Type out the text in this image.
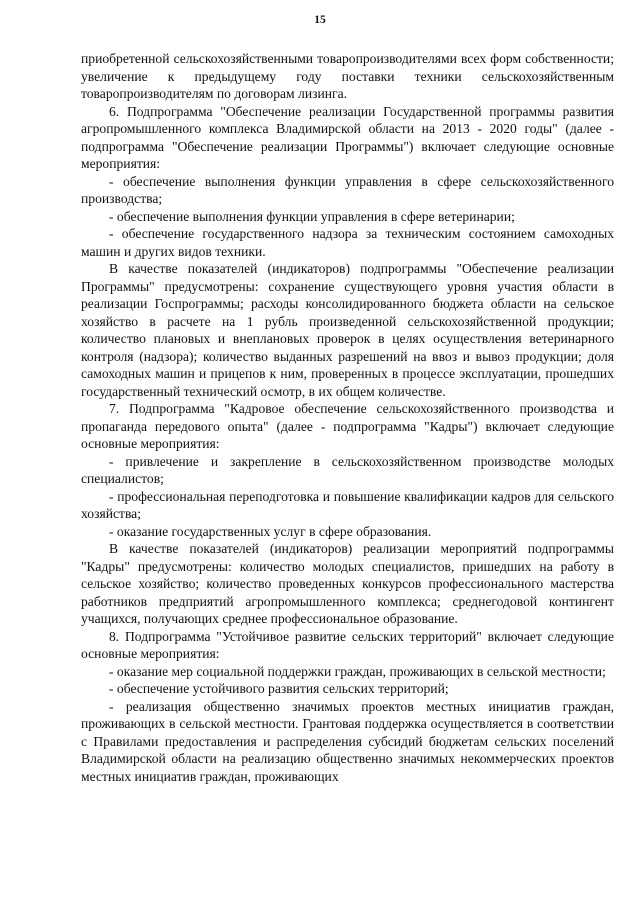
15

приобретенной сельскохозяйственными товаропроизводителями всех форм собственности; увеличение к предыдущему году поставки техники сельскохозяйственным товаропроизводителям по договорам лизинга.

6. Подпрограмма "Обеспечение реализации Государственной программы развития агропромышленного комплекса Владимирской области на 2013 - 2020 годы" (далее - подпрограмма "Обеспечение реализации Программы") включает следующие основные мероприятия:

- обеспечение выполнения функции управления в сфере сельскохозяйственного производства;

- обеспечение выполнения функции управления в сфере ветеринарии;

- обеспечение государственного надзора за техническим состоянием самоходных машин и других видов техники.

В качестве показателей (индикаторов) подпрограммы "Обеспечение реализации Программы" предусмотрены: сохранение существующего уровня участия области в реализации Госпрограммы; расходы консолидированного бюджета области на сельское хозяйство в расчете на 1 рубль произведенной сельскохозяйственной продукции; количество плановых и внеплановых проверок в целях осуществления ветеринарного контроля (надзора); количество выданных разрешений на ввоз и вывоз продукции; доля самоходных машин и прицепов к ним, проверенных в процессе эксплуатации, прошедших государственный технический осмотр, в их общем количестве.

7. Подпрограмма "Кадровое обеспечение сельскохозяйственного производства и пропаганда передового опыта" (далее - подпрограмма "Кадры") включает следующие основные мероприятия:

- привлечение и закрепление в сельскохозяйственном производстве молодых специалистов;

- профессиональная переподготовка и повышение квалификации кадров для сельского хозяйства;

- оказание государственных услуг в сфере образования.

В качестве показателей (индикаторов) реализации мероприятий подпрограммы "Кадры" предусмотрены: количество молодых специалистов, пришедших на работу в сельское хозяйство; количество проведенных конкурсов профессионального мастерства работников предприятий агропромышленного комплекса; среднегодовой контингент учащихся, получающих среднее профессиональное образование.

8. Подпрограмма "Устойчивое развитие сельских территорий" включает следующие основные мероприятия:

- оказание мер социальной поддержки граждан, проживающих в сельской местности;

- обеспечение устойчивого развития сельских территорий;

- реализация общественно значимых проектов местных инициатив граждан, проживающих в сельской местности. Грантовая поддержка осуществляется в соответствии с Правилами предоставления и распределения субсидий бюджетам сельских поселений Владимирской области на реализацию общественно значимых некоммерческих проектов местных инициатив граждан, проживающих
